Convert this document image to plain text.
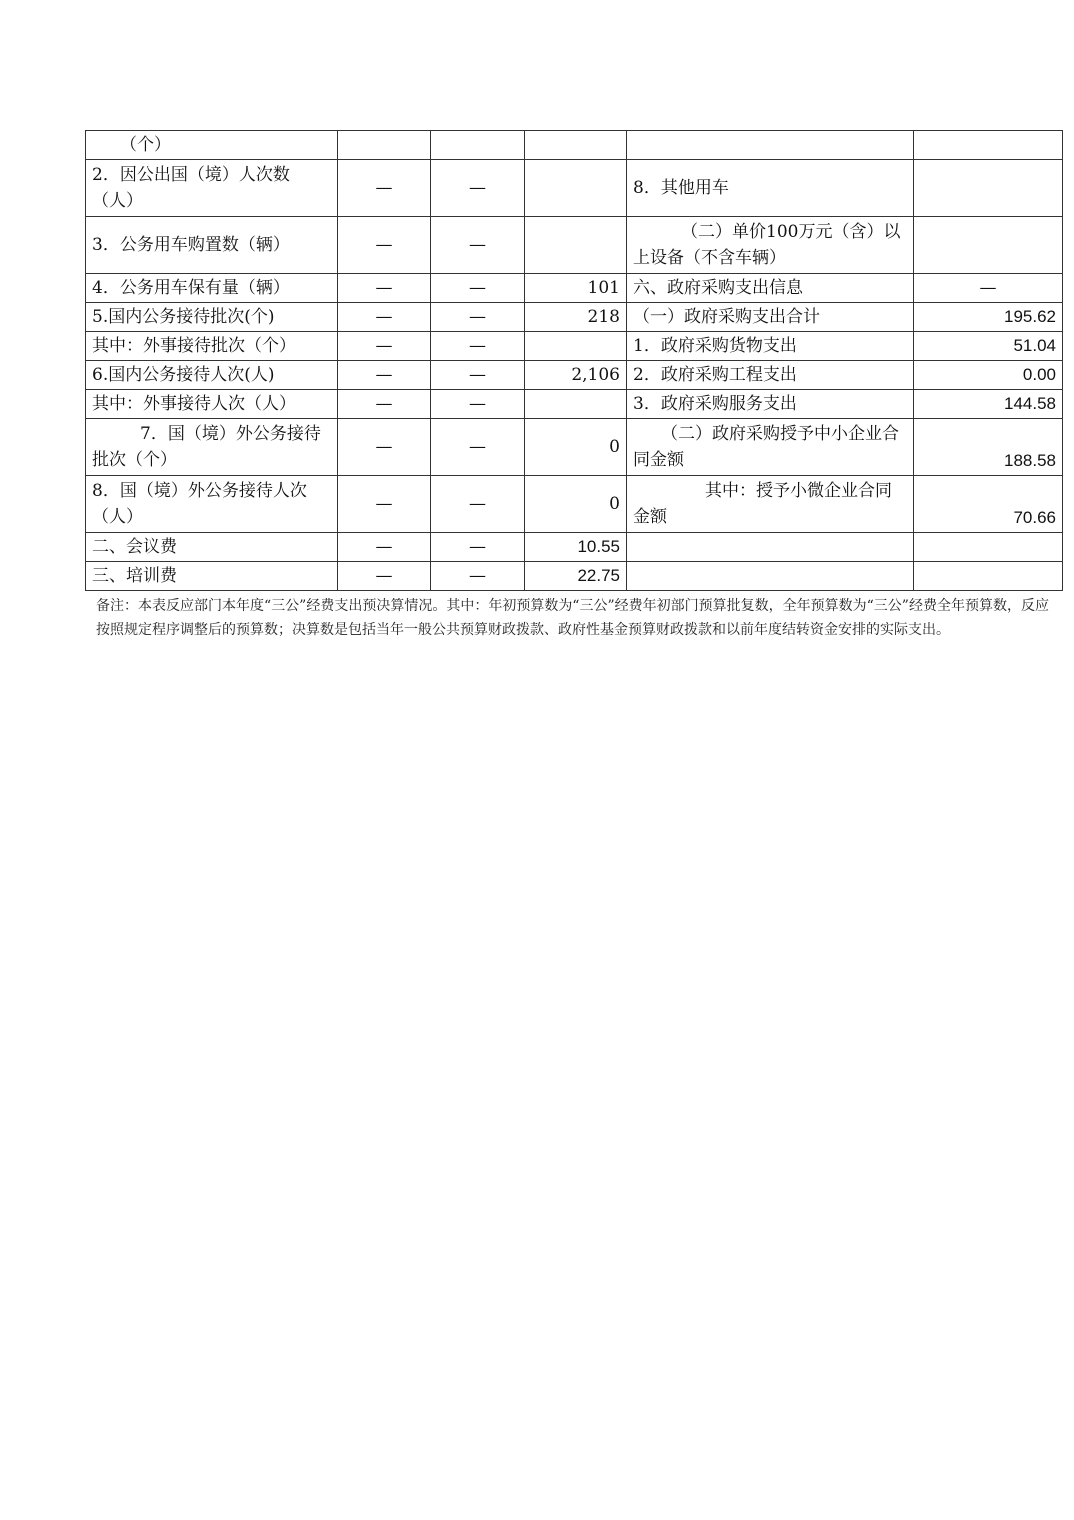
（个）					
2．因公出国（境）人次数（人）	—	—		8．其他用车	
3．公务用车购置数（辆）	—	—		（二）单价100万元（含）以上设备（不含车辆）	
4．公务用车保有量（辆）	—	—	101	六、政府采购支出信息	—
5.国内公务接待批次(个)	—	—	218	（一）政府采购支出合计	195.62
其中：外事接待批次（个）	—	—		1．政府采购货物支出	51.04
6.国内公务接待人次(人)	—	—	2,106	2．政府采购工程支出	0.00
其中：外事接待人次（人）	—	—		3．政府采购服务支出	144.58
7．国（境）外公务接待批次（个）	—	—	0	（二）政府采购授予中小企业合同金额	188.58
8．国（境）外公务接待人次（人）	—	—	0	其中：授予小微企业合同金额	70.66
二、会议费	—	—	10.55		
三、培训费	—	—	22.75		
备注：本表反应部门本年度“三公”经费支出预决算情况。其中：年初预算数为“三公”经费年初部门预算批复数，全年预算数为“三公”经费全年预算数，反应按照规定程序调整后的预算数；决算数是包括当年一般公共预算财政拨款、政府性基金预算财政拨款和以前年度结转资金安排的实际支出。
